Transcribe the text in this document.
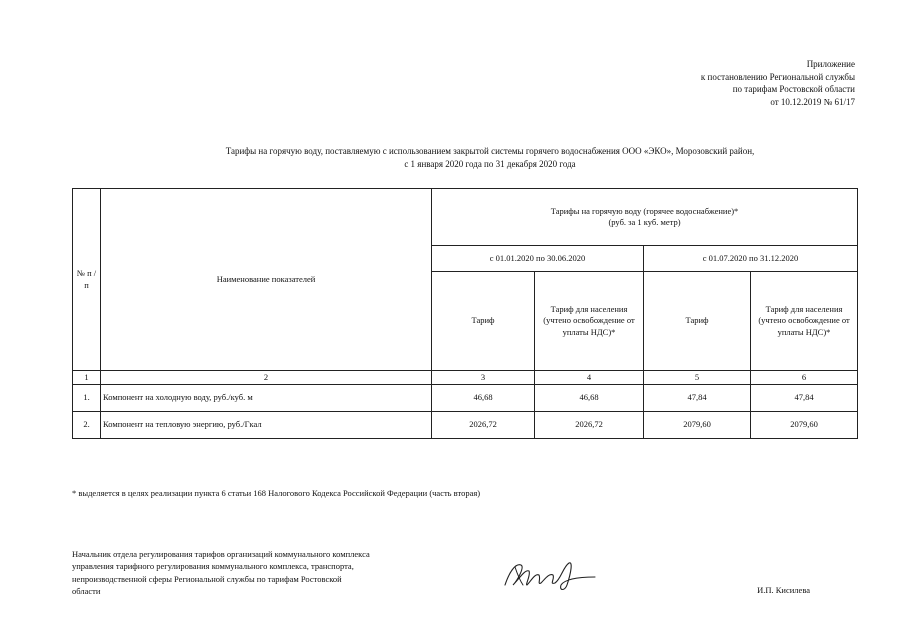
Приложение
к постановлению Региональной службы
по тарифам Ростовской области
от 10.12.2019 № 61/17
Тарифы на горячую воду, поставляемую с использованием закрытой системы горячего водоснабжения ООО «ЭКО», Морозовский район,
с 1 января 2020 года по 31 декабря 2020 года
№ п /п	Наименование показателей	Тарифы на горячую воду (горячее водоснабжение)*
(руб. за 1 куб. метр)			

		с 01.01.2020 по 30.06.2020		с 01.07.2020 по 31.12.2020	
		Тариф	Тариф для населения (учтено освобождение от уплаты НДС)*	Тариф	Тариф для населения (учтено освобождение от уплаты НДС)*
1	2	3	4	5	6
1.	Компонент на холодную воду, руб./куб. м	46,68	46,68	47,84	47,84
2.	Компонент на тепловую энергию, руб./Гкал	2026,72	2026,72	2079,60	2079,60
* выделяется в целях реализации пункта 6 статьи 168 Налогового Кодекса Российской Федерации (часть вторая)
Начальник отдела регулирования тарифов организаций коммунального комплекса
управления тарифного регулирования коммунального комплекса, транспорта,
непроизводственной сферы Региональной службы по тарифам Ростовской
области	И.П. Кисилева
